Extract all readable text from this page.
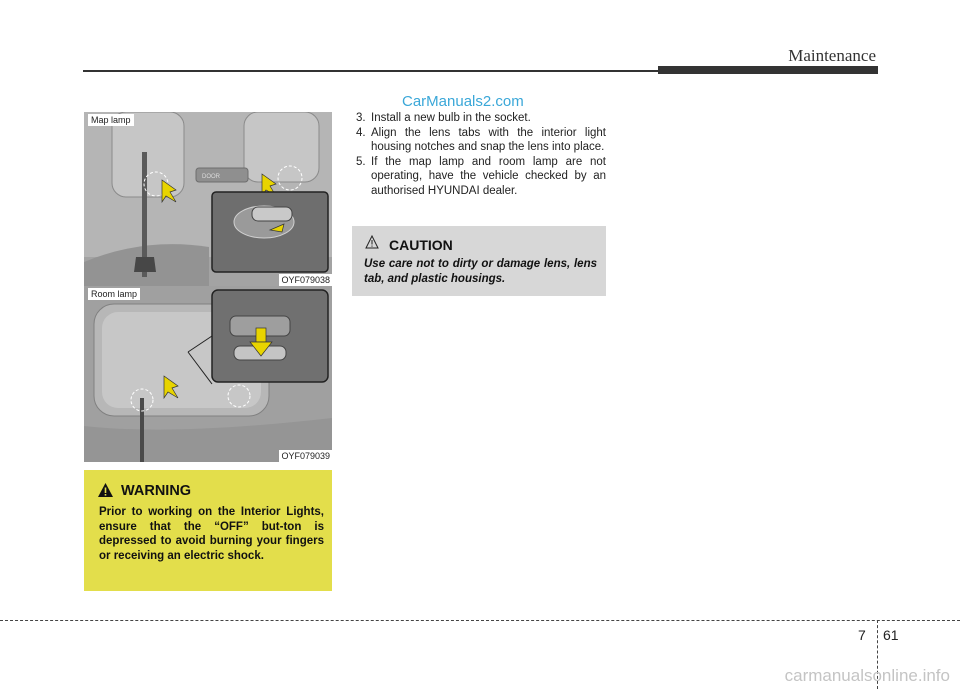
Maintenance
CarManuals2.com
DOOR
Map lamp
OYF079038
Room lamp
OYF079039
3. Install a new bulb in the socket.
4. Align the lens tabs with the interior light housing notches and snap the lens into place.
5. If the map lamp and room lamp are not operating, have the vehicle checked by an authorised HYUNDAI dealer.
CAUTION
Use care not to dirty or damage lens, lens tab, and plastic housings.
WARNING
Prior to working on the Interior Lights, ensure that the “OFF” but-ton is depressed to avoid burning your fingers or receiving an electric shock.
7 61
carmanualsonline.info
